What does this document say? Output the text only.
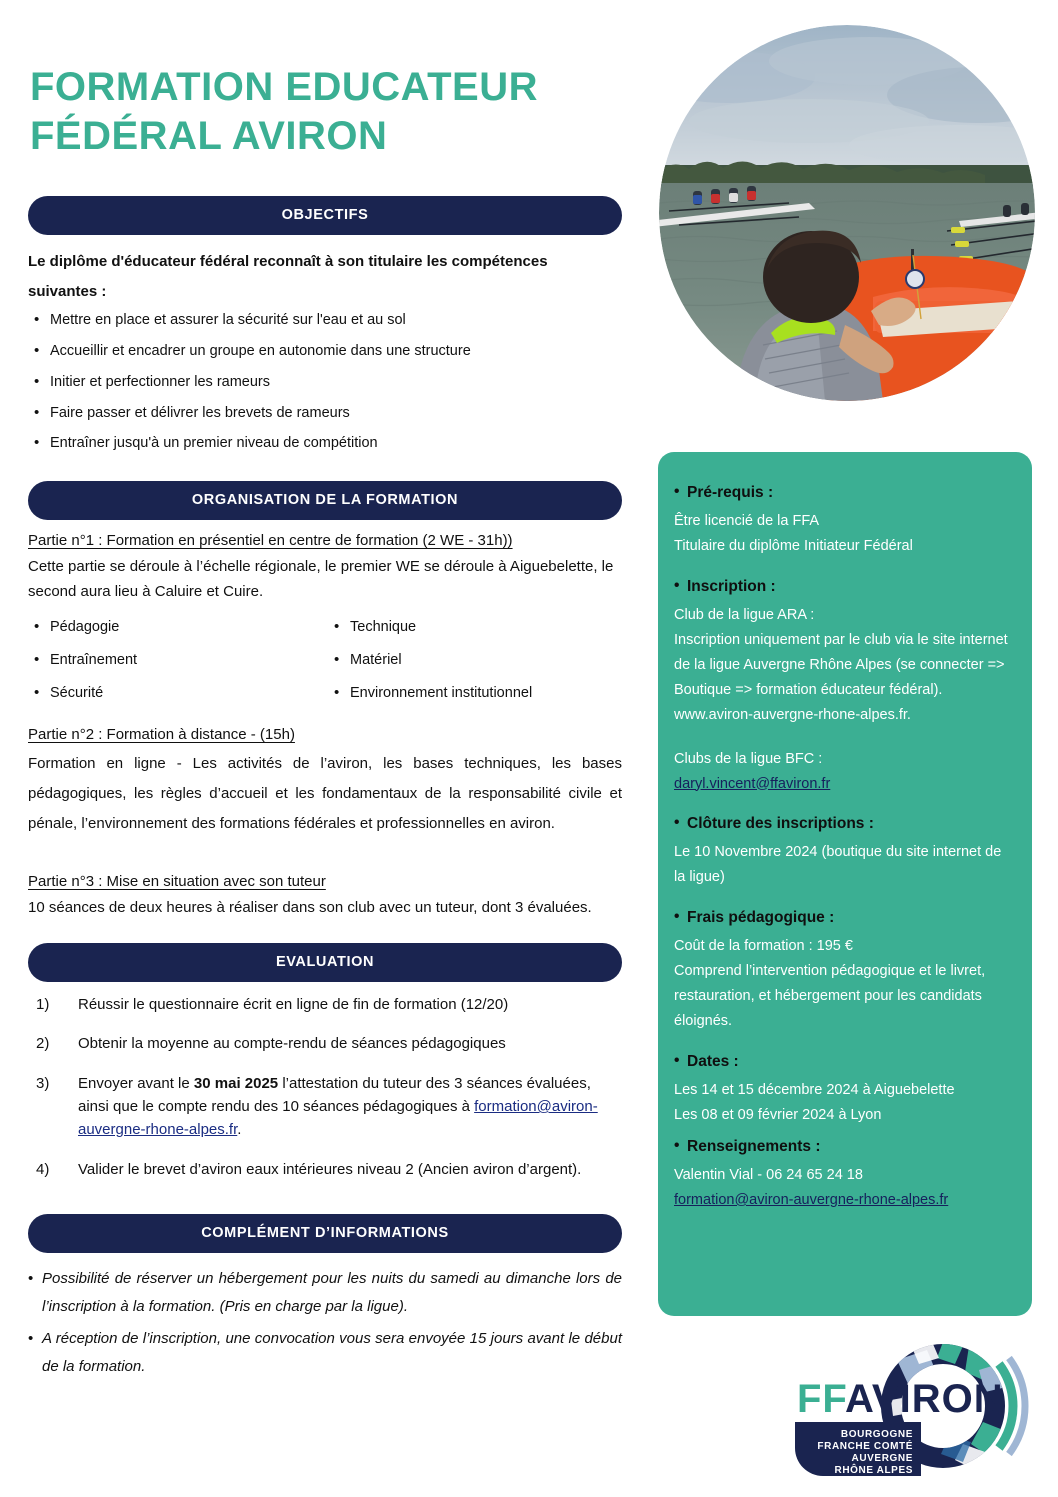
FORMATION EDUCATEUR
FÉDÉRAL AVIRON
OBJECTIFS

Le diplôme d'éducateur fédéral reconnaît à son titulaire les compétences
suivantes :

• Mettre en place et assurer la sécurité sur l'eau et au sol
• Accueillir et encadrer un groupe en autonomie dans une structure
• Initier et perfectionner les rameurs
• Faire passer et délivrer les brevets de rameurs
• Entraîner jusqu'à un premier niveau de compétition
ORGANISATION DE LA FORMATION
Partie n°1 : Formation en présentiel en centre de formation (2 WE - 31h))

Cette partie se déroule à l’échelle régionale, le premier WE se déroule à Aiguebelette, le second aura lieu à Caluire et Cuire.

• Pédagogie
• Entraînement
• Sécurité
• Technique
• Matériel
• Environnement institutionnel
Partie n°2 : Formation à distance - (15h)

Formation en ligne - Les activités de l’aviron, les bases techniques, les bases pédagogiques, les règles d’accueil et les fondamentaux de la responsabilité civile et pénale, l’environnement des formations fédérales et professionnelles en aviron.

Partie n°3 : Mise en situation avec son tuteur

10 séances de deux heures à réaliser dans son club avec un tuteur, dont 3 évaluées.

EVALUATION
Réussir le questionnaire écrit en ligne de fin de formation (12/20)
Obtenir la moyenne au compte-rendu de séances pédagogiques
Envoyer avant le 30 mai 2025 l’attestation du tuteur des 3 séances évaluées, ainsi que le compte rendu des 10 séances pédagogiques à formation@aviron-auvergne-rhone-alpes.fr.
Valider le brevet d’aviron eaux intérieures niveau 2 (Ancien aviron d’argent).
COMPLÉMENT D’INFORMATIONS
• Possibilité de réserver un hébergement pour les nuits du samedi au dimanche lors de l’inscription à la formation. (Pris en charge par la ligue).
• A réception de l’inscription, une convocation vous sera envoyée 15 jours avant le début de la formation.
• Pré-requis :
Être licencié de la FFA
Titulaire du diplôme Initiateur Fédéral
• Inscription :
Club de la ligue ARA :
Inscription uniquement par le club via le site internet de la ligue Auvergne Rhône Alpes (se connecter => Boutique => formation éducateur fédéral).
www.aviron-auvergne-rhone-alpes.fr.
Clubs de la ligue BFC :
daryl.vincent@ffaviron.fr
• Clôture des inscriptions :
Le 10 Novembre 2024 (boutique du site internet de la ligue)
• Frais pédagogique :
Coût de la formation : 195 €
Comprend l’intervention pédagogique et le livret, restauration, et hébergement pour les candidats éloignés.
• Dates :
Les 14 et 15 décembre 2024 à Aiguebelette
Les 08 et 09 février 2024 à Lyon
• Renseignements :
Valentin Vial - 06 24 65 24 18
formation@aviron-auvergne-rhone-alpes.fr
FF
AVIRON
BOURGOGNE
FRANCHE COMTÉ
AUVERGNE
RHÔNE ALPES
